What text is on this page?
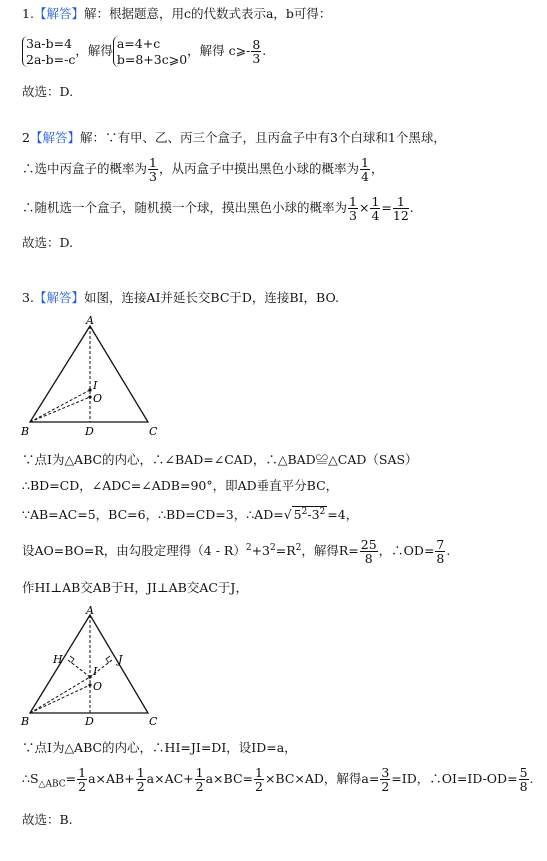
1.【解答】解：根据题意，用c的代数式表示a，b可得：
3a-b=4
2a-b=-c
，解得 a=4+c
b=8+3c⩾0
，解得 c⩾- $\frac{8}{3}$ .
故选：D.
2【解答】解：∵有甲、乙、丙三个盒子，且丙盒子中有3个白球和1个黑球，
∴选中丙盒子的概率为 $\frac{1}{3}$ ，从丙盒子中摸出黑色小球的概率为 $\frac{1}{4}$ ，
∴随机选一个盒子，随机摸一个球，摸出黑色小球的概率为 $\frac{1}{3} \times \frac{1}{4} = \frac{1}{12}$ .
故选：D.
3.【解答】如图，连接AI并延长交BC于D，连接BI，BO.
A
B	C
D
I
O
∵点I为△ABC的内心，∴∠BAD=∠CAD，∴△BAD≌△CAD（SAS）
∴BD=CD，∠ADC=∠ADB=90°，即AD垂直平分BC，
∵AB=AC=5，BC=6，∴BD=CD=3，∴AD=√ $5^2-3^2 =4$，
设AO=BO=R，由勾股定理得$(4 - R)^2+3^2=R^2$，解得$R= \frac{25}{8}$ ，∴OD= $\frac{7}{8}$ .
作HI⊥AB交AB于H，JI⊥AB交AC于J，
A
B	C
D
H	J
I
O
∵点I为△ABC的内心，∴HI=JI=DI，设ID=a，
$\therefore S_{\triangle ABC}= \frac{1}{2} a\times AB+ \frac{1}{2} a\times AC+ \frac{1}{2} a\times BC= \frac{1}{2} \times BC\times AD$，解得$a= \frac{3}{2} =ID$，∴OI=ID-OD= $\frac{5}{8}$ .
故选：B.
